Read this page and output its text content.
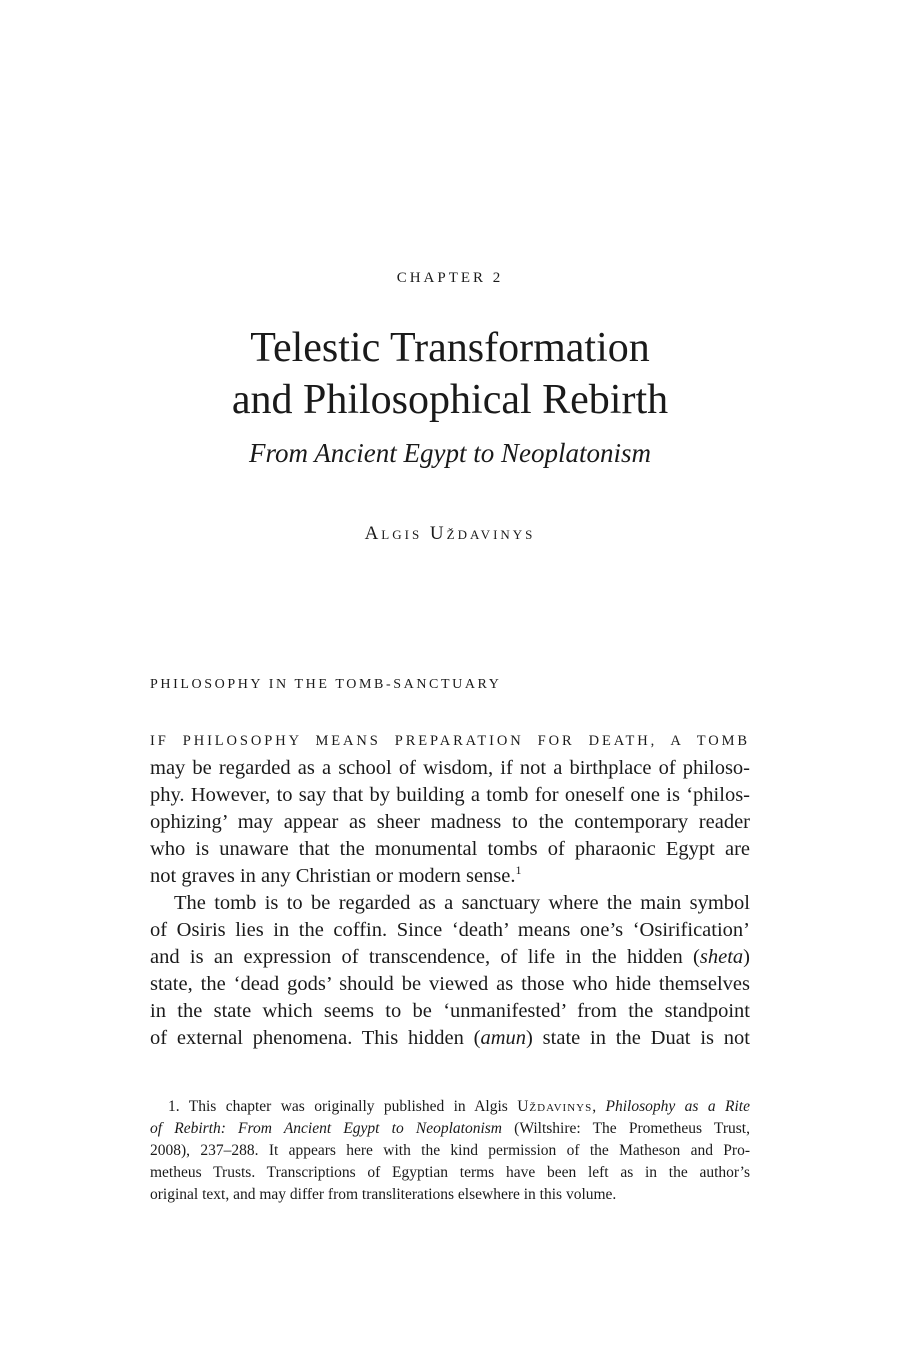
CHAPTER 2
Telestic Transformation
and Philosophical Rebirth
From Ancient Egypt to Neoplatonism
Algis Uždavinys
PHILOSOPHY IN THE TOMB-SANCTUARY

IF PHILOSOPHY MEANS PREPARATION FOR DEATH, A TOMB
may be regarded as a school of wisdom, if not a birthplace of philoso-
phy. However, to say that by building a tomb for oneself one is ‘philos-
ophizing’ may appear as sheer madness to the contemporary reader
who is unaware that the monumental tombs of pharaonic Egypt are
not graves in any Christian or modern sense.$^1$

The tomb is to be regarded as a sanctuary where the main symbol
of Osiris lies in the coffin. Since ‘death’ means one’s ‘Osirification’
and is an expression of transcendence, of life in the hidden (sheta)
state, the ‘dead gods’ should be viewed as those who hide themselves
in the state which seems to be ‘unmanifested’ from the standpoint
of external phenomena. This hidden (amun) state in the Duat is not

1. This chapter was originally published in Algis Uždavinys, Philosophy as a Rite
of Rebirth: From Ancient Egypt to Neoplatonism (Wiltshire: The Prometheus Trust,
2008), 237–288. It appears here with the kind permission of the Matheson and Pro-
metheus Trusts. Transcriptions of Egyptian terms have been left as in the author’s
original text, and may differ from transliterations elsewhere in this volume.
